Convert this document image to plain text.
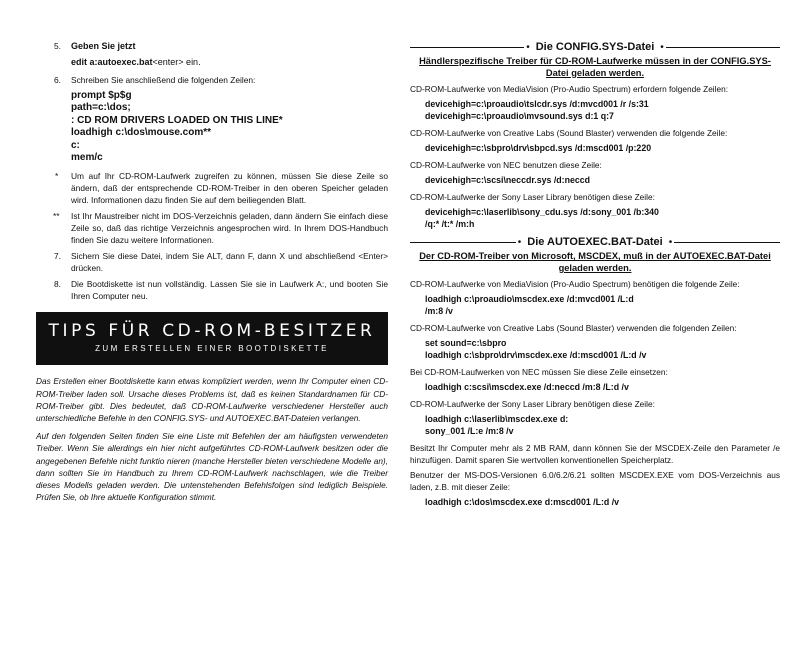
5. Geben Sie jetzt
edit a:autoexec.bat<enter> ein.
6. Schreiben Sie anschließend die folgenden Zeilen:
prompt $p$g
path=c:\dos;
: CD ROM DRIVERS LOADED ON THIS LINE*
loadhigh c:\dos\mouse.com**
c:
mem/c
* Um auf Ihr CD-ROM-Laufwerk zugreifen zu können, müssen Sie diese Zeile so ändern, daß der entsprechende CD-ROM-Treiber in den oberen Speicher geladen wird. Informationen dazu finden Sie auf dem beiliegenden Blatt.
** Ist Ihr Maustreiber nicht im DOS-Verzeichnis geladen, dann ändern Sie einfach diese Zeile so, daß das richtige Verzeichnis angesprochen wird. In Ihrem DOS-Handbuch finden Sie dazu weitere Informationen.
7. Sichern Sie diese Datei, indem Sie ALT, dann F, dann X und abschließend <Enter> drücken.
8. Die Bootdiskette ist nun vollständig. Lassen Sie sie in Laufwerk A:, und booten Sie Ihren Computer neu.
TIPS FÜR CD-ROM-BESITZER
ZUM ERSTELLEN EINER BOOTDISKETTE

Das Erstellen einer Bootdiskette kann etwas kompliziert werden, wenn Ihr Computer einen CD-ROM-Treiber laden soll. Ursache dieses Problems ist, daß es keinen Standardnamen für CD-ROM-Treiber gibt. Dies bedeutet, daß CD-ROM-Laufwerke verschiedener Hersteller auch unterschiedliche Befehle in den CONFIG.SYS- und AUTOEXEC.BAT-Dateien verlangen.

Auf den folgenden Seiten finden Sie eine Liste mit Befehlen der am häufigsten verwendeten Treiber. Wenn Sie allerdings ein hier nicht aufgeführtes CD-ROM-Laufwerk besitzen oder die angegebenen Befehle nicht funktio nieren (manche Hersteller bieten verschiedene Modelle an), dann sollten Sie im Handbuch zu Ihrem CD-ROM-Laufwerk nachschlagen, wie die Treiber dieses Modells geladen werden. Die untenstehenden Befehlsfolgen sind lediglich Beispiele. Prüfen Sie, ob Ihre aktuelle Konfiguration stimmt.

• Die CONFIG.SYS-Datei •
Händlerspezifische Treiber für CD-ROM-Laufwerke müssen in der CONFIG.SYS-Datei geladen werden.
CD-ROM-Laufwerke von MediaVision (Pro-Audio Spectrum) erfordern folgende Zeilen:
devicehigh=c:\proaudio\tslcdr.sys /d:mvcd001 /r /s:31
devicehigh=c:\proaudio\mvsound.sys d:1 q:7
CD-ROM-Laufwerke von Creative Labs (Sound Blaster) verwenden die folgende Zeile:
devicehigh=c:\sbpro\drv\sbpcd.sys /d:mscd001 /p:220
CD-ROM-Laufwerke von NEC benutzen diese Zeile:
devicehigh=c:\scsi\neccdr.sys /d:neccd
CD-ROM-Laufwerke der Sony Laser Library benötigen diese Zeile:
devicehigh=c:\laserlib\sony_cdu.sys /d:sony_001 /b:340
/q:* /t:* /m:h
• Die AUTOEXEC.BAT-Datei •
Der CD-ROM-Treiber von Microsoft, MSCDEX, muß in der AUTOEXEC.BAT-Datei geladen werden.
CD-ROM-Laufwerke von MediaVision (Pro-Audio Spectrum) benötigen die folgende Zeile:
loadhigh c:\proaudio\mscdex.exe /d:mvcd001 /L:d
/m:8 /v
CD-ROM-Laufwerke von Creative Labs (Sound Blaster) verwenden die folgenden Zeilen:
set sound=c:\sbpro
loadhigh c:\sbpro\drv\mscdex.exe /d:mscd001 /L:d /v
Bei CD-ROM-Laufwerken von NEC müssen Sie diese Zeile einsetzen:
loadhigh c:scsi\mscdex.exe /d:neccd /m:8 /L:d /v
CD-ROM-Laufwerke der Sony Laser Library benötigen diese Zeile:
loadhigh c:\laserlib\mscdex.exe d:
sony_001 /L:e /m:8 /v
Besitzt Ihr Computer mehr als 2 MB RAM, dann können Sie der MSCDEX-Zeile den Parameter /e hinzufügen. Damit sparen Sie wertvollen konventionellen Speicherplatz.
Benutzer der MS-DOS-Versionen 6.0/6.2/6.21 sollten MSCDEX.EXE vom DOS-Verzeichnis aus laden, z.B. mit dieser Zeile:
loadhigh c:\dos\mscdex.exe d:mscd001 /L:d /v
